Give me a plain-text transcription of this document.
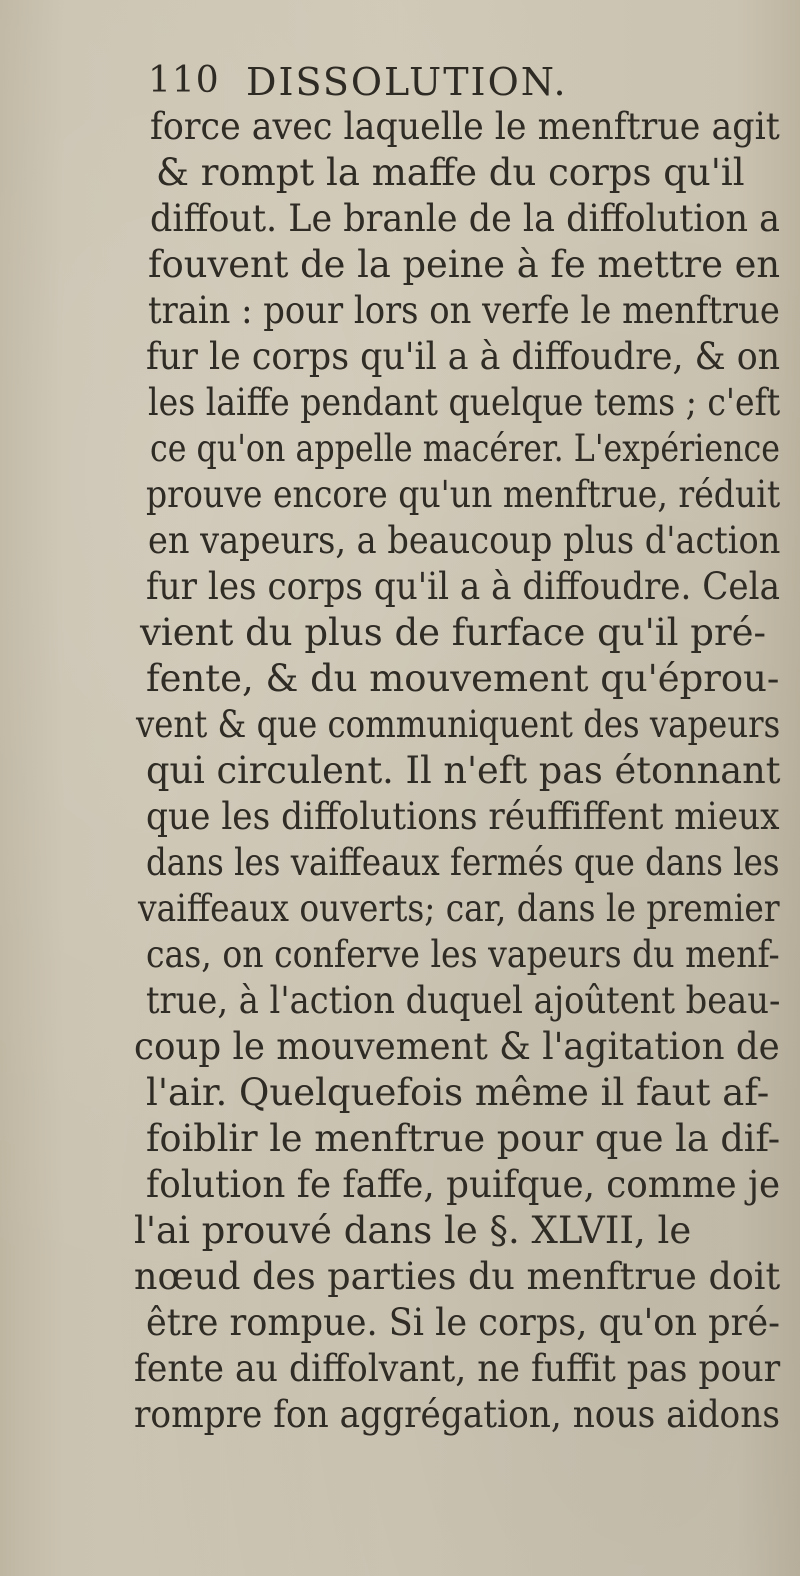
110 DISSOLUTION.
force avec laquelle le menftrue agit
& rompt la maffe du corps qu'il
diffout. Le branle de la diffolution a
fouvent de la peine à fe mettre en
train : pour lors on verfe le menftrue
fur le corps qu'il a à diffoudre, & on
les laiffe pendant quelque tems ; c'eft
ce qu'on appelle macérer. L'expérience
prouve encore qu'un menftrue, réduit
en vapeurs, a beaucoup plus d'action
fur les corps qu'il a à diffoudre. Cela
vient du plus de furface qu'il pré-
fente, & du mouvement qu'éprou-
vent & que communiquent des vapeurs
qui circulent. Il n'eft pas étonnant
que les diffolutions réuffiffent mieux
dans les vaiffeaux fermés que dans les
vaiffeaux ouverts; car, dans le premier
cas, on conferve les vapeurs du menf-
true, à l'action duquel ajoûtent beau-
coup le mouvement & l'agitation de
l'air. Quelquefois même il faut af-
foiblir le menftrue pour que la dif-
folution fe faffe, puifque, comme je
l'ai prouvé dans le §. XLVII, le
nœud des parties du menftrue doit
être rompue. Si le corps, qu'on pré-
fente au diffolvant, ne fuffit pas pour
rompre fon aggrégation, nous aidons
